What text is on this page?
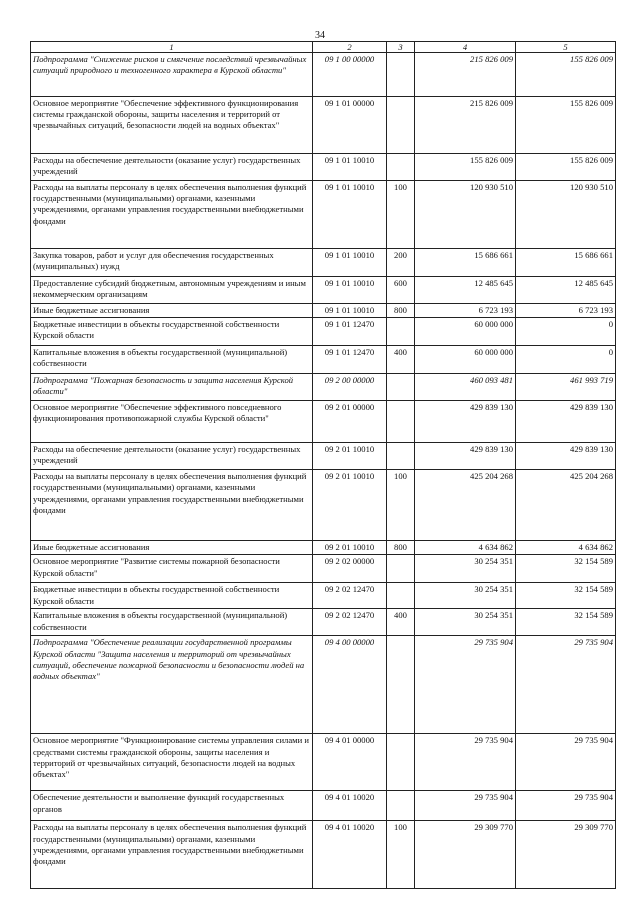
34
1	2	3	4	5
Подпрограмма "Снижение рисков и смягчение последствий чрезвычайных ситуаций природного и техногенного характера в Курской области"	09 1 00 00000		215 826 009	155 826 009
Основное мероприятие "Обеспечение эффективного функционирования системы гражданской обороны, защиты населения и территорий от чрезвычайных ситуаций, безопасности людей на водных объектах"	09 1 01 00000		215 826 009	155 826 009
Расходы на обеспечение деятельности (оказание услуг) государственных учреждений	09 1 01 10010		155 826 009	155 826 009
Расходы на выплаты персоналу в целях обеспечения выполнения функций государственными (муниципальными) органами, казенными учреждениями, органами управления государственными внебюджетными фондами	09 1 01 10010	100	120 930 510	120 930 510
Закупка товаров, работ и услуг для обеспечения государственных (муниципальных) нужд	09 1 01 10010	200	15 686 661	15 686 661
Предоставление субсидий бюджетным, автономным учреждениям и иным некоммерческим организациям	09 1 01 10010	600	12 485 645	12 485 645
Иные бюджетные ассигнования	09 1 01 10010	800	6 723 193	6 723 193
Бюджетные инвестиции в объекты государственной собственности Курской области	09 1 01 12470		60 000 000	0
Капитальные вложения в объекты государственной (муниципальной) собственности	09 1 01 12470	400	60 000 000	0
Подпрограмма "Пожарная безопасность и защита населения Курской области"	09 2 00 00000		460 093 481	461 993 719
Основное мероприятие "Обеспечение эффективного повседневного функционирования противопожарной службы Курской области"	09 2 01 00000		429 839 130	429 839 130
Расходы на обеспечение деятельности (оказание услуг) государственных учреждений	09 2 01 10010		429 839 130	429 839 130
Расходы на выплаты персоналу в целях обеспечения выполнения функций государственными (муниципальными) органами, казенными учреждениями, органами управления государственными внебюджетными фондами	09 2 01 10010	100	425 204 268	425 204 268
Иные бюджетные ассигнования	09 2 01 10010	800	4 634 862	4 634 862
Основное мероприятие "Развитие системы пожарной безопасности Курской области"	09 2 02 00000		30 254 351	32 154 589
Бюджетные инвестиции в объекты государственной собственности Курской области	09 2 02 12470		30 254 351	32 154 589
Капитальные вложения в объекты государственной (муниципальной) собственности	09 2 02 12470	400	30 254 351	32 154 589
Подпрограмма "Обеспечение реализации государственной программы Курской области "Защита населения и территорий от чрезвычайных ситуаций, обеспечение пожарной безопасности и безопасности людей на водных объектах"	09 4 00 00000		29 735 904	29 735 904
Основное мероприятие "Функционирование системы управления силами и средствами системы гражданской обороны, защиты населения и территорий от чрезвычайных ситуаций, безопасности людей на водных объектах"	09 4 01 00000		29 735 904	29 735 904
Обеспечение деятельности и выполнение функций государственных органов	09 4 01 10020		29 735 904	29 735 904
Расходы на выплаты персоналу в целях обеспечения выполнения функций государственными (муниципальными) органами, казенными учреждениями, органами управления государственными внебюджетными фондами	09 4 01 10020	100	29 309 770	29 309 770
